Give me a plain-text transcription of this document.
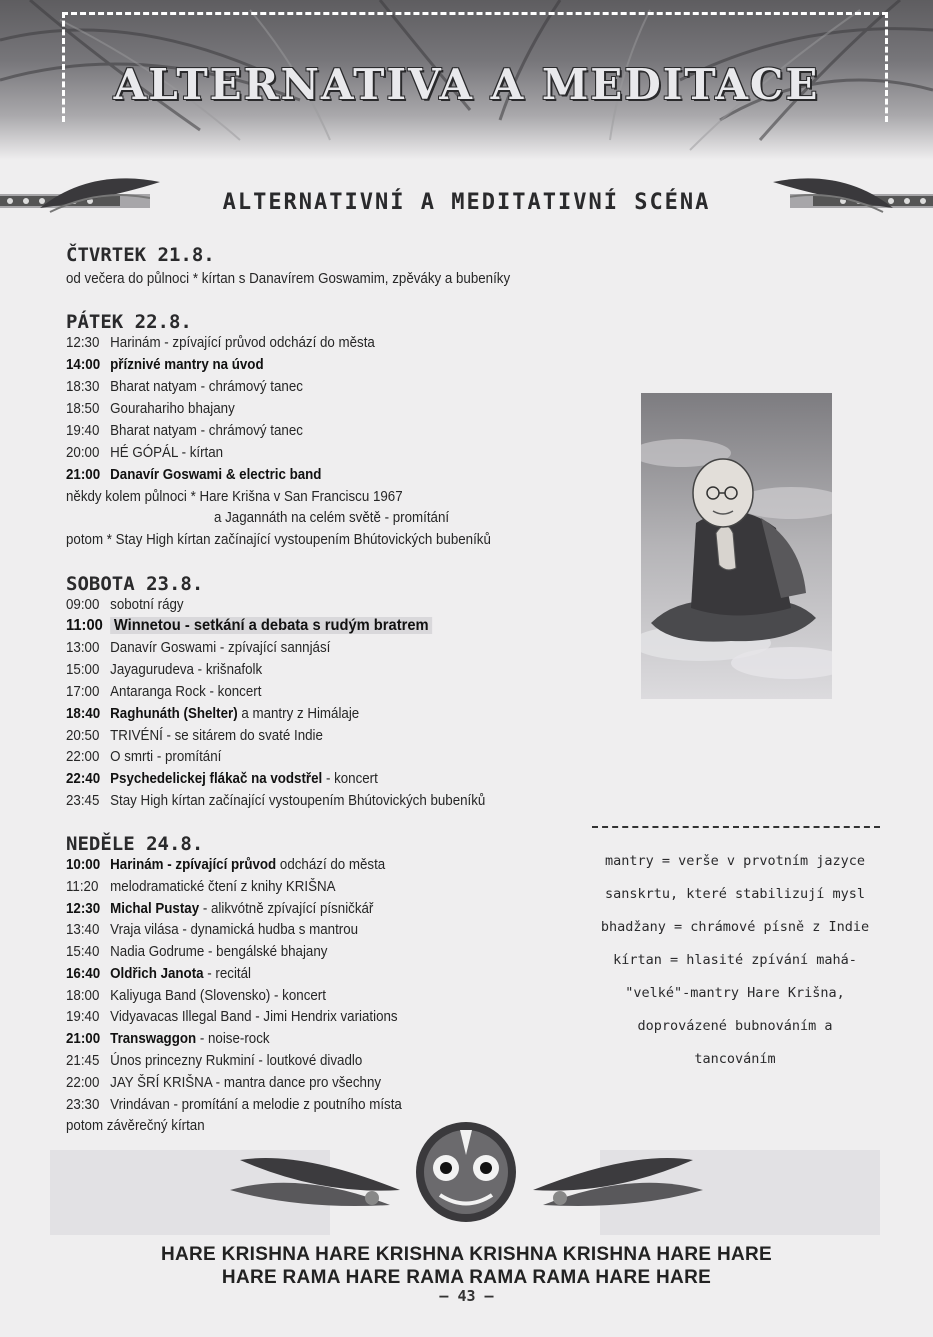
ALTERNATIVA A MEDITACE
ALTERNATIVNÍ A MEDITATIVNÍ SCÉNA
ČTVRTEK 21.8.
od večera do půlnoci * kírtan s Danavírem Goswamim, zpěváky a bubeníky
PÁTEK 22.8.
12:30 Harinám - zpívající průvod odchází do města
14:00 příznivé mantry na úvod
18:30 Bharat natyam - chrámový tanec
18:50 Gourahariho bhajany
19:40 Bharat natyam - chrámový tanec
20:00 HÉ GÓPÁL - kírtan
21:00 Danavír Goswami & electric band
někdy kolem půlnoci * Hare Krišna v San Franciscu 1967
a Jagannáth na celém světě - promítání
potom * Stay High kírtan začínající vystoupením Bhútovických bubeníků
SOBOTA 23.8.
09:00 sobotní rágy
11:00 Winnetou - setkání a debata s rudým bratrem
13:00 Danavír Goswami - zpívající sannjásí
15:00 Jayagurudeva - krišnafolk
17:00 Antaranga Rock - koncert
18:40 Raghunáth (Shelter) a mantry z Himálaje
20:50 TRIVÉNÍ - se sitárem do svaté Indie
22:00 O smrti - promítání
22:40 Psychedelickej flákač na vodstřel - koncert
23:45 Stay High kírtan začínající vystoupením Bhútovických bubeníků
NEDĚLE 24.8.
10:00 Harinám - zpívající průvod odchází do města
11:20 melodramatické čtení z knihy KRIŠNA
12:30 Michal Pustay - alikvótně zpívající písničkář
13:40 Vraja vilása - dynamická hudba s mantrou
15:40 Nadia Godrume - bengálské bhajany
16:40 Oldřich Janota - recitál
18:00 Kaliyuga Band (Slovensko) - koncert
19:40 Vidyavacas Illegal Band - Jimi Hendrix variations
21:00 Transwaggon - noise-rock
21:45 Únos princezny Rukminí - loutkové divadlo
22:00 JAY ŠRÍ KRIŠNA - mantra dance pro všechny
23:30 Vrindávan - promítání a melodie z poutního místa
potom závěrečný kírtan
mantry = verše v prvotním jazyce
sanskrtu, které stabilizují mysl
bhadžany = chrámové písně z Indie
kírtan = hlasité zpívání mahá-
"velké"-mantry Hare Krišna,
doprovázené bubnováním a
tancováním
HARE KRISHNA HARE KRISHNA KRISHNA KRISHNA HARE HARE
HARE RAMA HARE RAMA RAMA RAMA HARE HARE
– 43 –
